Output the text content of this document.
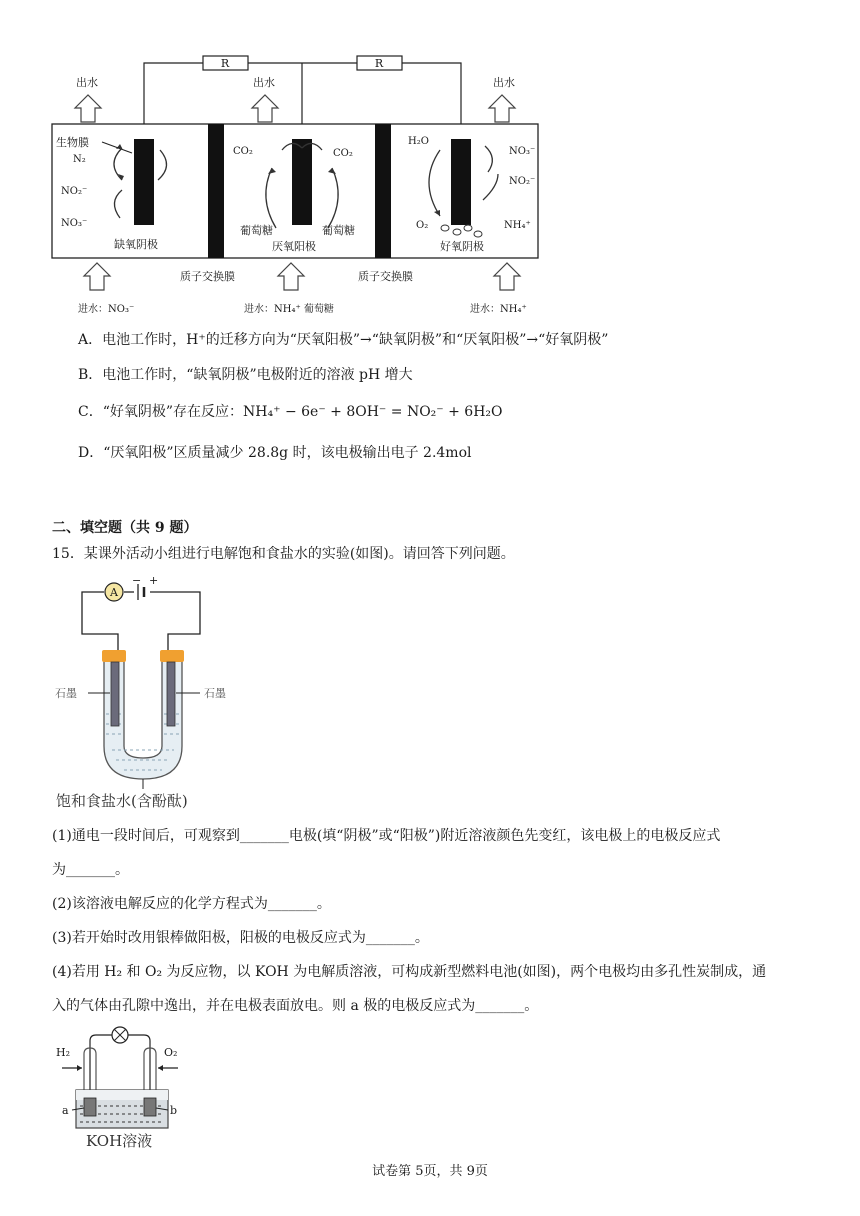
R	R
出水	出水	出水
生物膜
N₂
NO₂⁻
NO₃⁻
缺氧阴极
CO₂	CO₂
葡萄糖	葡萄糖
厌氧阳极
H₂O
O₂
NO₃⁻
NO₂⁻
NH₄⁺
好氧阴极
质子交换膜	质子交换膜
进水：NO₃⁻	进水：NH₄⁺ 葡萄糖	进水：NH₄⁺
A．电池工作时，H⁺的迁移方向为“厌氧阳极”→“缺氧阴极”和“厌氧阳极”→“好氧阴极”
B．电池工作时，“缺氧阴极”电极附近的溶液 pH 增大
C．“好氧阴极”存在反应：NH₄⁺ − 6e⁻ + 8OH⁻ = NO₂⁻ + 6H₂O
D．“厌氧阳极”区质量减少 28.8g 时，该电极输出电子 2.4mol
二、填空题（共 9 题）
15．某课外活动小组进行电解饱和食盐水的实验(如图)。请回答下列问题。
A
− +
石墨	石墨
饱和食盐水(含酚酞)
(1)通电一段时间后，可观察到_______电极(填“阴极”或“阳极”)附近溶液颜色先变红，该电极上的电极反应式
为_______。
(2)该溶液电解反应的化学方程式为_______。
(3)若开始时改用银棒做阳极，阳极的电极反应式为_______。
(4)若用 H₂ 和 O₂ 为反应物，以 KOH 为电解质溶液，可构成新型燃料电池(如图)，两个电极均由多孔性炭制成，通
入的气体由孔隙中逸出，并在电极表面放电。则 a 极的电极反应式为_______。
H₂	O₂
a	b
KOH溶液
试卷第 5页，共 9页
